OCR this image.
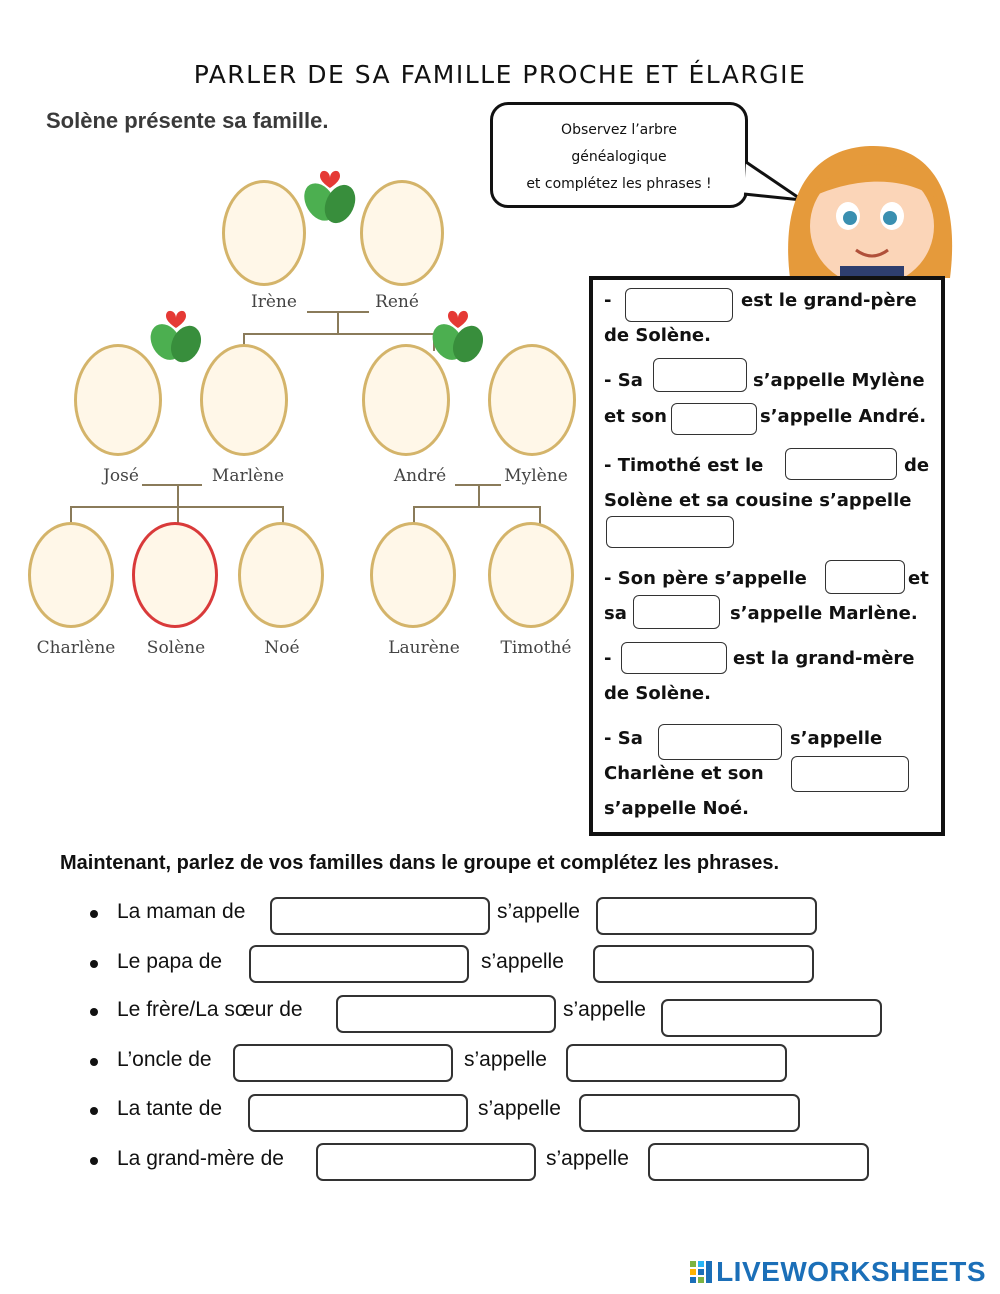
PARLER DE SA FAMILLE PROCHE ET ÉLARGIE
Solène présente sa famille.	Observez l’arbre
généalogique
et complétez les phrases !
Irène	René
José	Marlène	André	Mylène
Charlène	Solène	Noé	Laurène	Timothé
-	est le grand-père
de Solène.
- Sa	s’appelle Mylène
et son	s’appelle André.
- Timothé est le	de
Solène et sa cousine s’appelle
- Son père s’appelle	et
sa	s’appelle Marlène.
-	est la grand-mère
de Solène.
- Sa	s’appelle
Charlène et son
s’appelle Noé.
Maintenant, parlez de vos familles dans le groupe et complétez les phrases.
La maman de	s’appelle
Le papa de	s’appelle
Le frère/La sœur de	s’appelle
L’oncle de	s’appelle
La tante de	s’appelle
La grand-mère de	s’appelle
LIVEWORKSHEETS
